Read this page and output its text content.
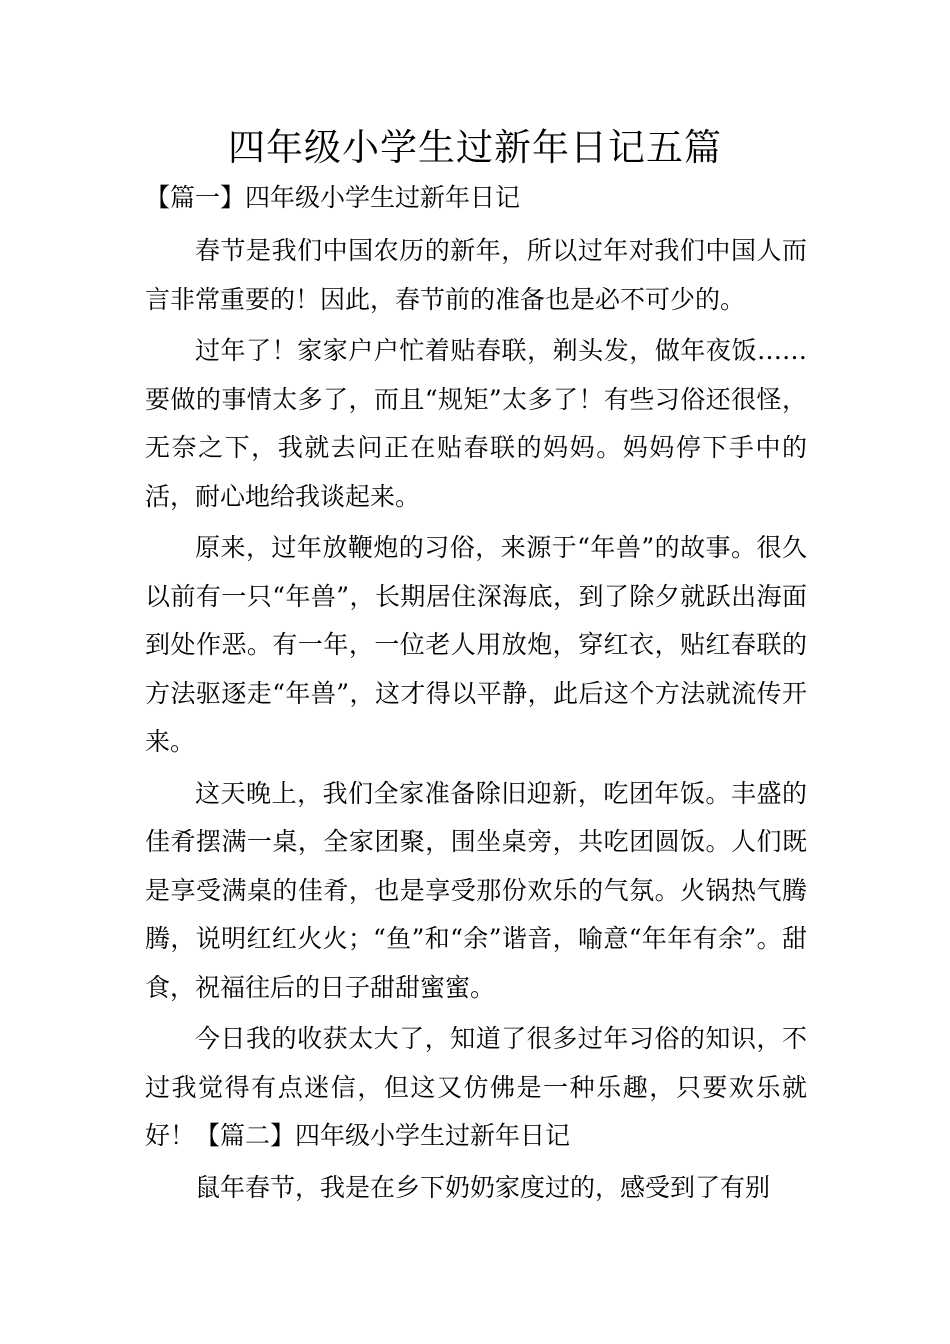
四年级小学生过新年日记五篇
【篇一】四年级小学生过新年日记

春节是我们中国农历的新年，所以过年对我们中国人而言非常重要的！因此，春节前的准备也是必不可少的。

过年了！家家户户忙着贴春联，剃头发，做年夜饭……要做的事情太多了，而且“规矩”太多了！有些习俗还很怪，无奈之下，我就去问正在贴春联的妈妈。妈妈停下手中的活，耐心地给我谈起来。

原来，过年放鞭炮的习俗，来源于“年兽”的故事。很久以前有一只“年兽”，长期居住深海底，到了除夕就跃出海面到处作恶。有一年，一位老人用放炮，穿红衣，贴红春联的方法驱逐走“年兽”，这才得以平静，此后这个方法就流传开来。

这天晚上，我们全家准备除旧迎新，吃团年饭。丰盛的佳肴摆满一桌，全家团聚，围坐桌旁，共吃团圆饭。人们既是享受满桌的佳肴，也是享受那份欢乐的气氛。火锅热气腾腾，说明红红火火；“鱼”和“余”谐音，喻意“年年有余”。甜食，祝福往后的日子甜甜蜜蜜。

今日我的收获太大了，知道了很多过年习俗的知识，不过我觉得有点迷信，但这又仿佛是一种乐趣，只要欢乐就好！【篇二】四年级小学生过新年日记

鼠年春节，我是在乡下奶奶家度过的，感受到了有别
